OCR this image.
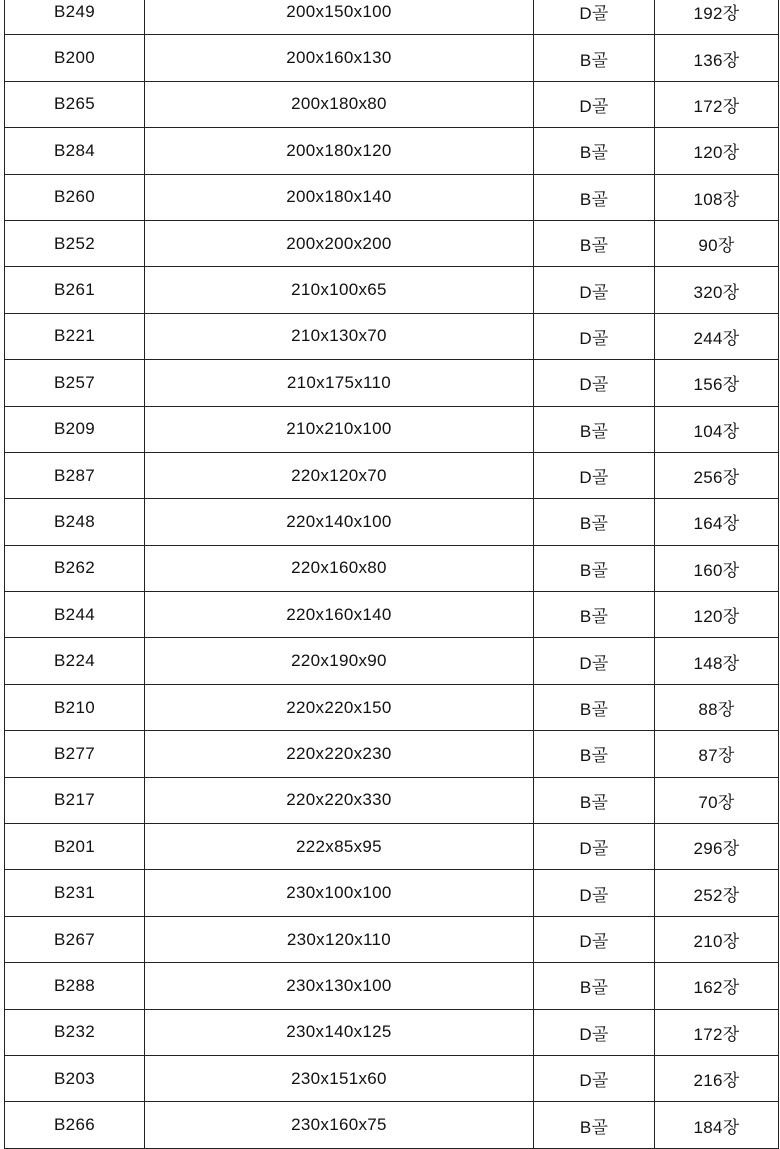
B249	200x150x100	D골	192장
B200	200x160x130	B골	136장
B265	200x180x80	D골	172장
B284	200x180x120	B골	120장
B260	200x180x140	B골	108장
B252	200x200x200	B골	90장
B261	210x100x65	D골	320장
B221	210x130x70	D골	244장
B257	210x175x110	D골	156장
B209	210x210x100	B골	104장
B287	220x120x70	D골	256장
B248	220x140x100	B골	164장
B262	220x160x80	B골	160장
B244	220x160x140	B골	120장
B224	220x190x90	D골	148장
B210	220x220x150	B골	88장
B277	220x220x230	B골	87장
B217	220x220x330	B골	70장
B201	222x85x95	D골	296장
B231	230x100x100	D골	252장
B267	230x120x110	D골	210장
B288	230x130x100	B골	162장
B232	230x140x125	D골	172장
B203	230x151x60	D골	216장
B266	230x160x75	B골	184장
